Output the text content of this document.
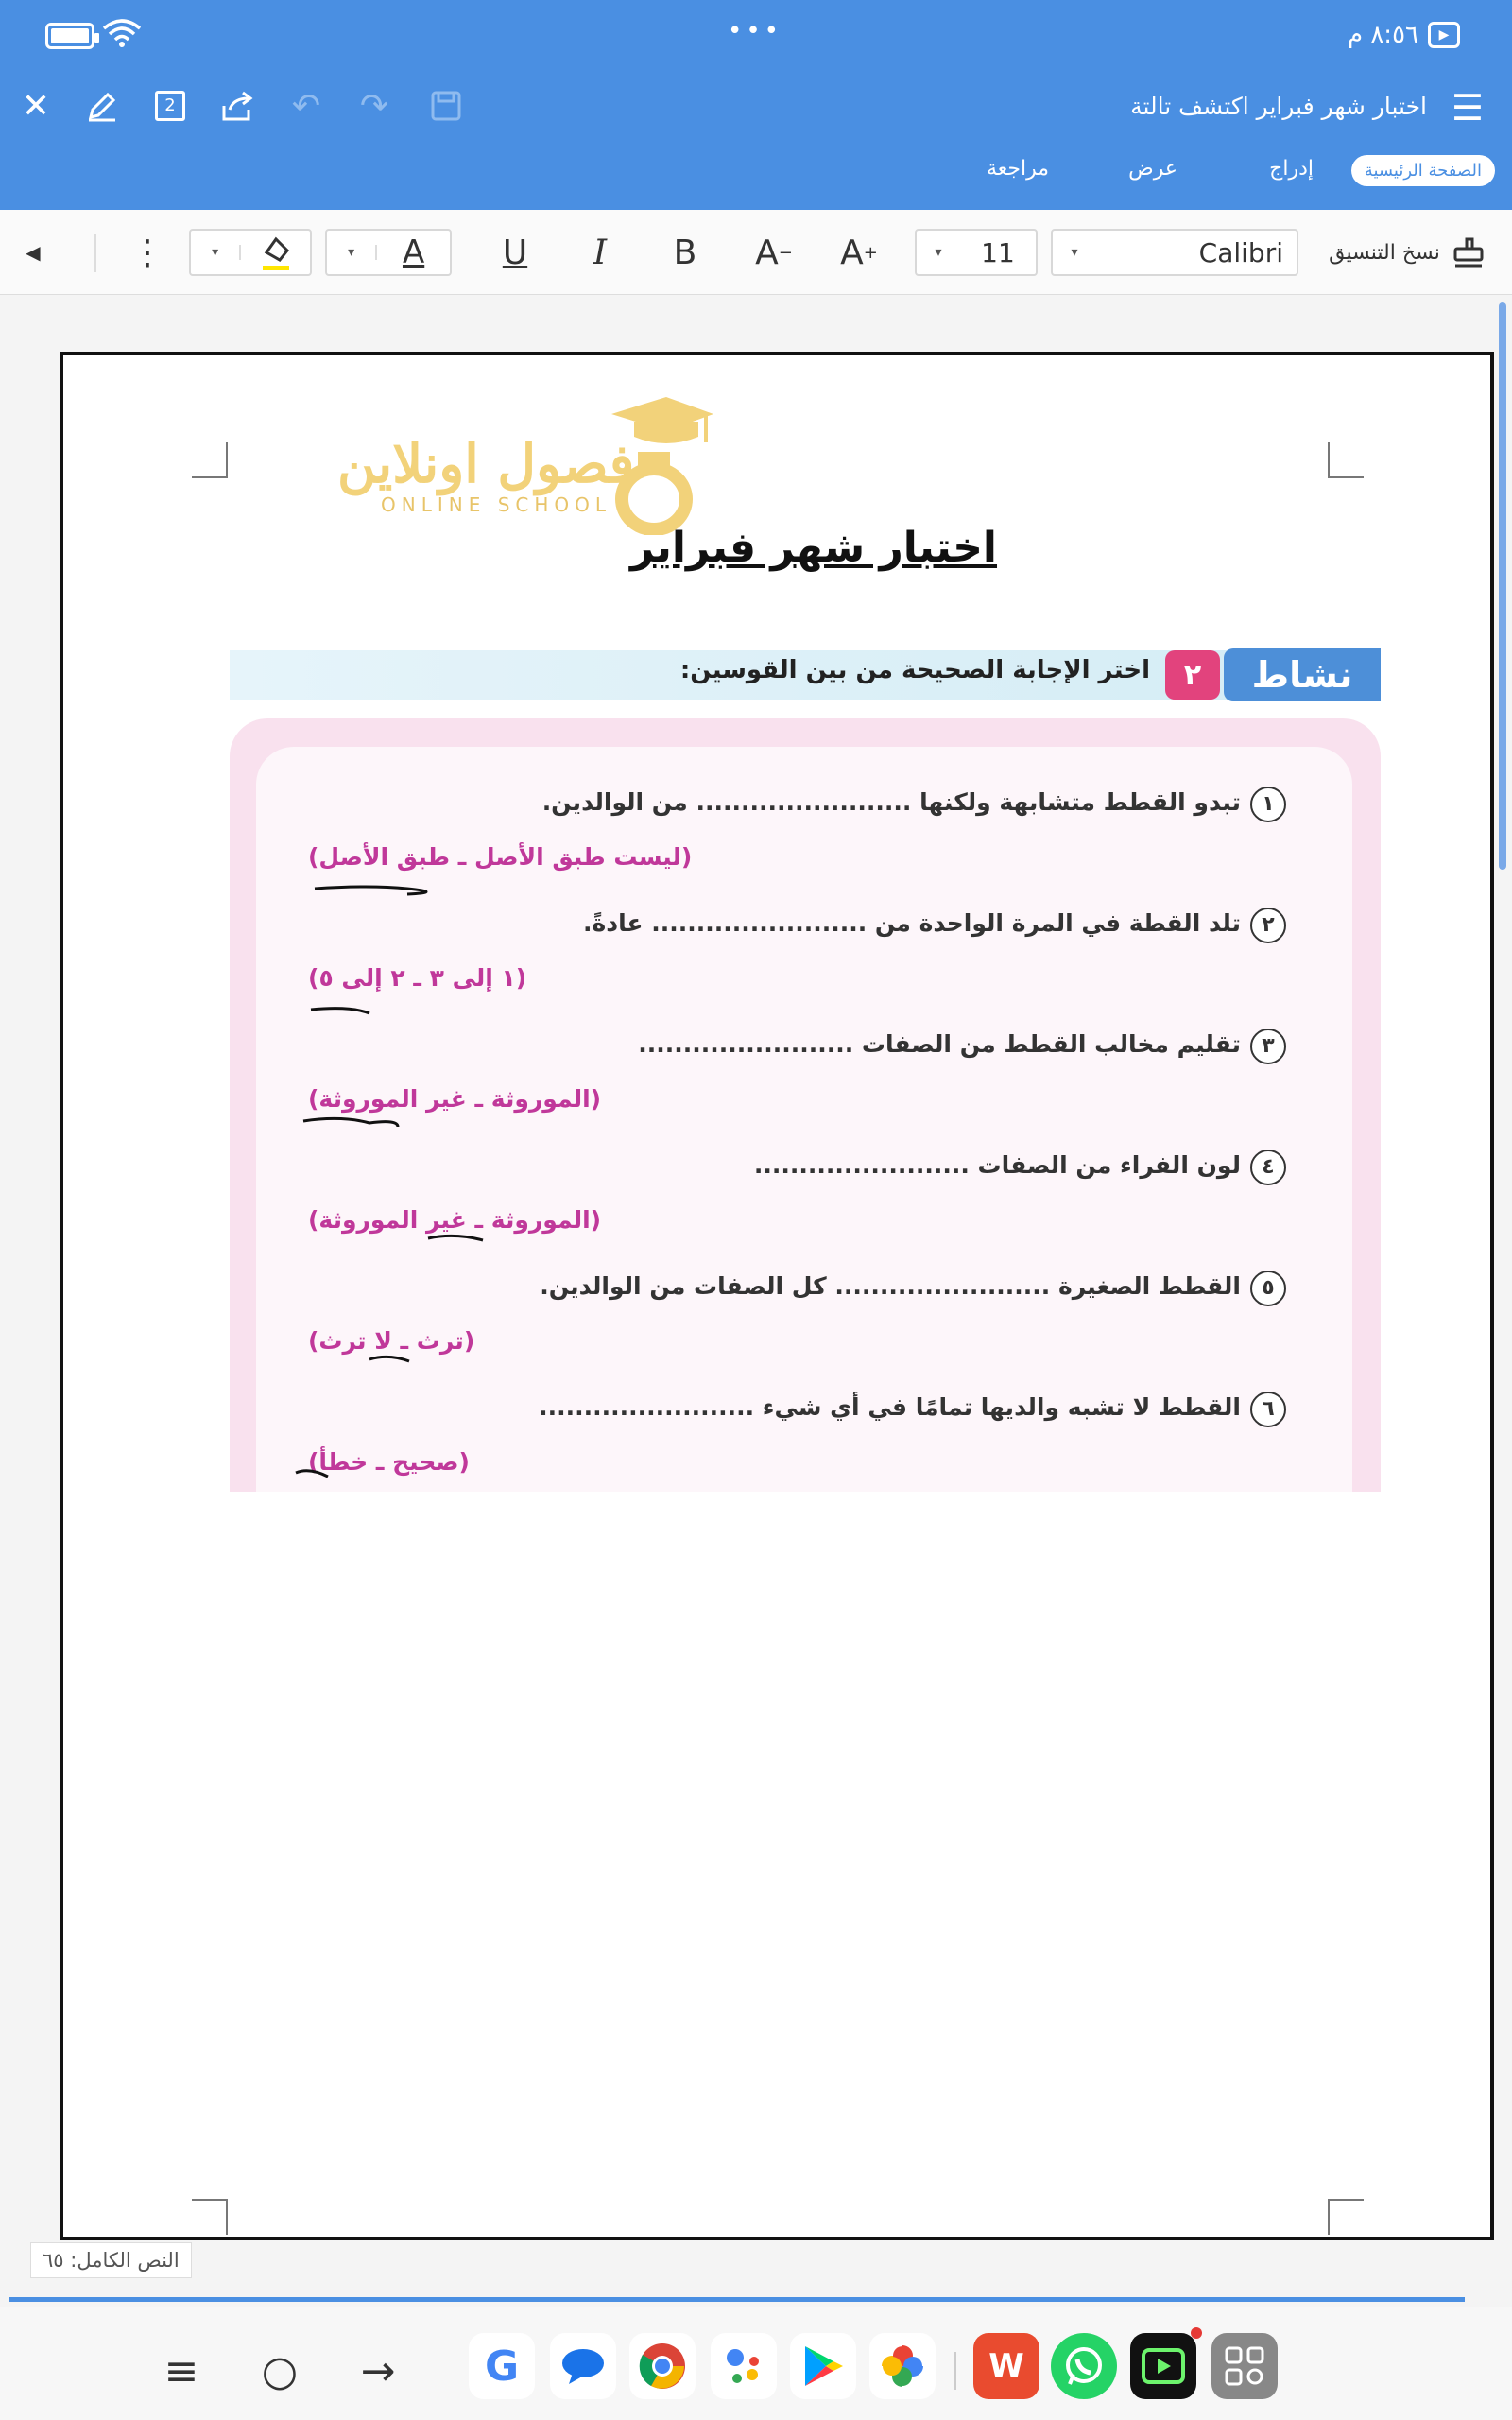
•••	▶
٨:٥٦ م
✕	2	↶ ↷	اختبار شهر فبراير اكتشف تالتة ☰
الصفحة الرئيسية
إدراج
عرض
مراجعة
◀	⋮	▾	▾	A	U	I	B	A − A +	▾	11	▾	Calibri	نسخ التنسيق
فصول اونلاين
ONLINE SCHOOL
اختبار شهر فبراير
نشاط
٢
اختر الإجابة الصحيحة من بين القوسين:
١تبدو القطط متشابهة ولكنها ........................ من الوالدين.
(ليست طبق الأصل ـ طبق الأصل)
٢تلد القطة في المرة الواحدة من ........................ عادةً.
(١ إلى ٣ ـ ٢ إلى ٥)
٣تقليم مخالب القطط من الصفات ........................
(الموروثة ـ غير الموروثة)
٤لون الفراء من الصفات ........................
(الموروثة ـ غير الموروثة)
٥القطط الصغيرة ........................ كل الصفات من الوالدين.
(ترث ـ لا ترث)
٦القطط لا تشبه والديها تمامًا في أي شيء ........................
(صحيح ـ خطأ)
النص الكامل: ٦٥
≡ ○ →	G	W
